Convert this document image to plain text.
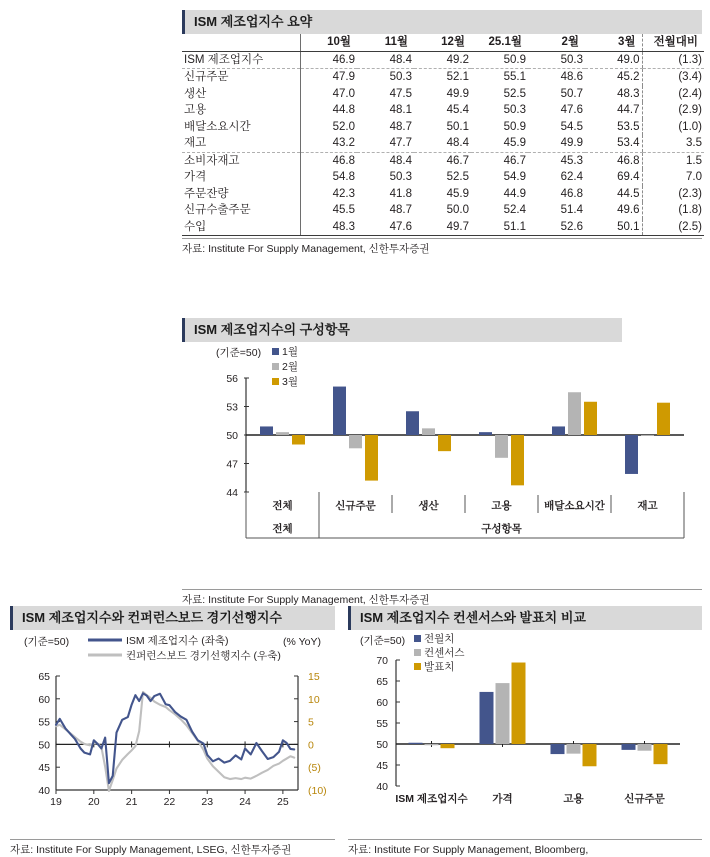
ISM 제조업지수 요약
	10월	11월	12월	25.1월	2월	3월	전월대비
ISM 제조업지수	46.9	48.4	49.2	50.9	50.3	49.0	(1.3)
신규주문	47.9	50.3	52.1	55.1	48.6	45.2	(3.4)
생산	47.0	47.5	49.9	52.5	50.7	48.3	(2.4)
고용	44.8	48.1	45.4	50.3	47.6	44.7	(2.9)
배달소요시간	52.0	48.7	50.1	50.9	54.5	53.5	(1.0)
재고	43.2	47.7	48.4	45.9	49.9	53.4	3.5
소비자재고	46.8	48.4	46.7	46.7	45.3	46.8	1.5
가격	54.8	50.3	52.5	54.9	62.4	69.4	7.0
주문잔량	42.3	41.8	45.9	44.9	46.8	44.5	(2.3)
신규수출주문	45.5	48.7	50.0	52.4	51.4	49.6	(1.8)
수입	48.3	47.6	49.7	51.1	52.6	50.1	(2.5)
자료: Institute For Supply Management, 신한투자증권
ISM 제조업지수의 구성항목
(기준=50) 1월
2월
3월
44
47
50
53
56
전체	신규주문	생산	고용	배달소요시간	재고
전체	구성항목
자료: Institute For Supply Management, 신한투자증권
ISM 제조업지수와 컨퍼런스보드 경기선행지수
(기준=50)	(% YoY)
ISM 제조업지수 (좌축)
컨퍼런스보드 경기선행지수 (우축)
40
45
50
55
60
65
(10)
(5)
0
5
10
15
19 20 21 22 23 24 25
자료: Institute For Supply Management, LSEG, 신한투자증권
ISM 제조업지수 컨센서스와 발표치 비교
(기준=50) 전월치
컨센서스
발표치
40
45
50
55
60
65
70
ISM 제조업지수 가격	고용	신규주문
자료: Institute For Supply Management, Bloomberg,
